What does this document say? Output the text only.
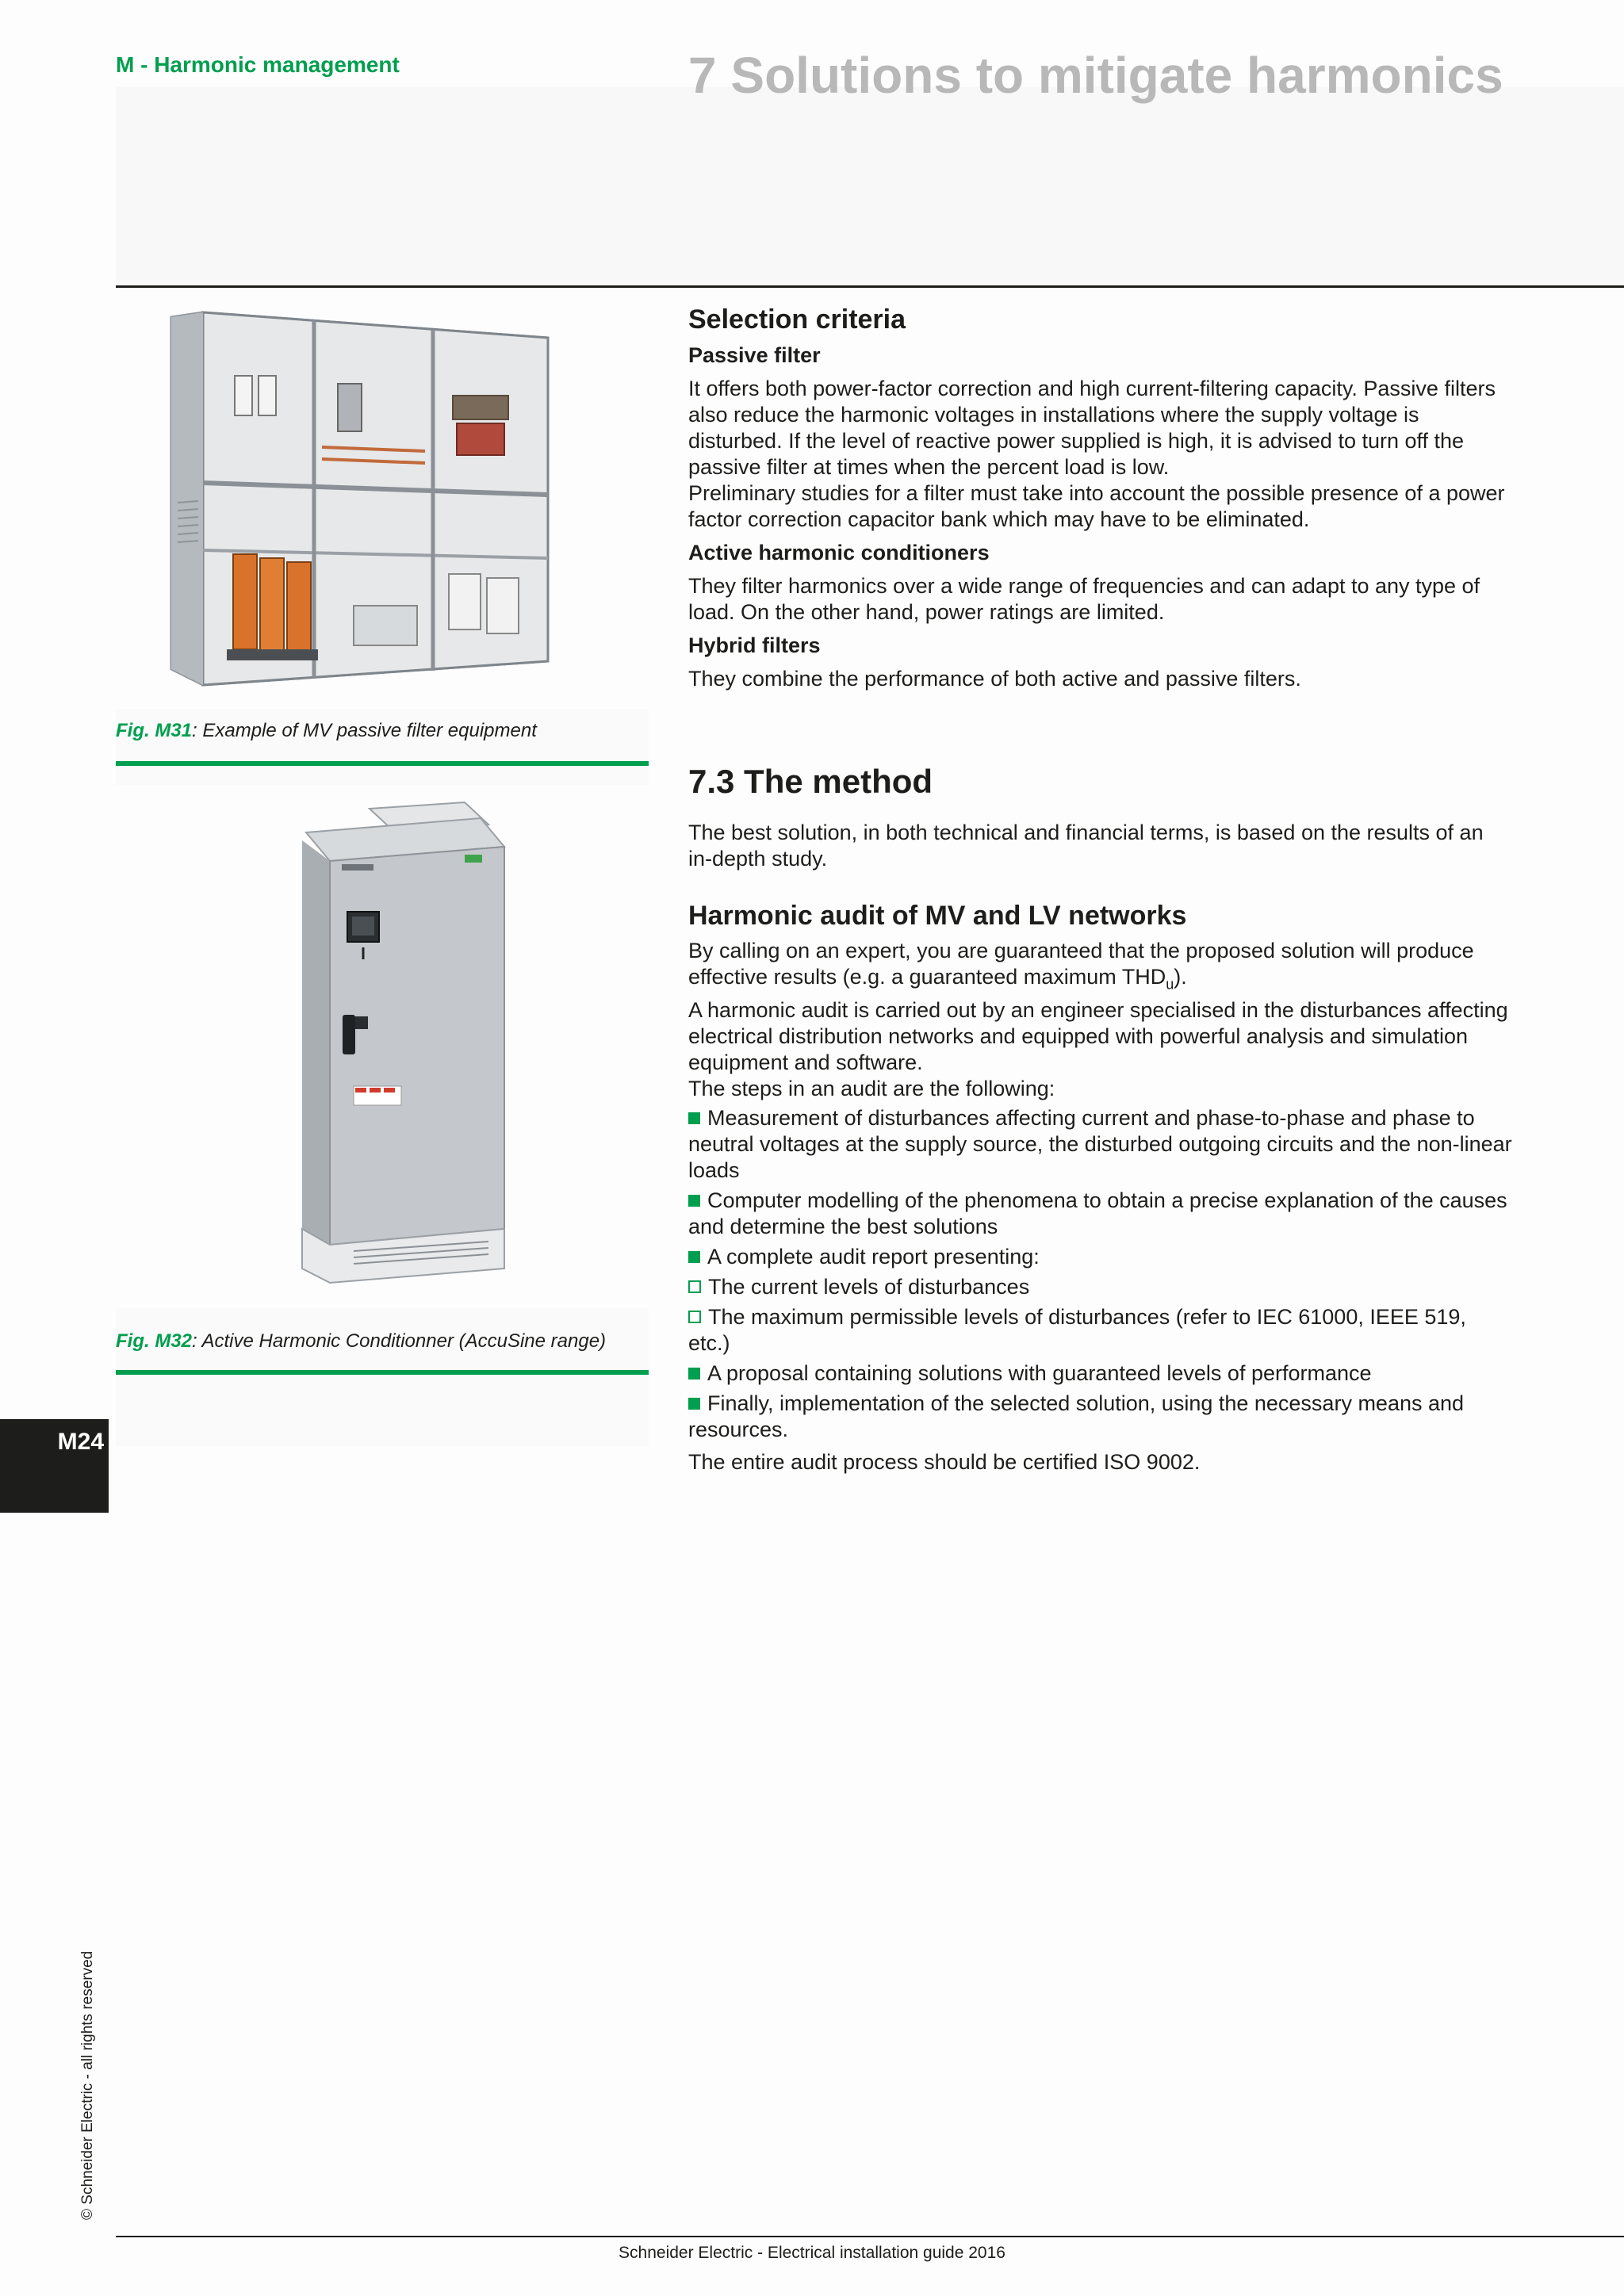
M - Harmonic management	7 Solutions to mitigate harmonics
Fig. M31: Example of MV passive filter equipment
Fig. M32: Active Harmonic Conditionner (AccuSine range)
Selection criteria
Passive filter

It offers both power-factor correction and high current-filtering capacity. Passive filters also reduce the harmonic voltages in installations where the supply voltage is disturbed. If the level of reactive power supplied is high, it is advised to turn off the passive filter at times when the percent load is low.

Preliminary studies for a filter must take into account the possible presence of a power factor correction capacitor bank which may have to be eliminated.

Active harmonic conditioners

They filter harmonics over a wide range of frequencies and can adapt to any type of load. On the other hand, power ratings are limited.

Hybrid filters

They combine the performance of both active and passive filters.

7.3 The method

The best solution, in both technical and financial terms, is based on the results of an in-depth study.

Harmonic audit of MV and LV networks

By calling on an expert, you are guaranteed that the proposed solution will produce effective results (e.g. a guaranteed maximum $THD_u$).

A harmonic audit is carried out by an engineer specialised in the disturbances affecting electrical distribution networks and equipped with powerful analysis and simulation equipment and software.

The steps in an audit are the following:

Measurement of disturbances affecting current and phase-to-phase and phase to neutral voltages at the supply source, the disturbed outgoing circuits and the non-linear loads

Computer modelling of the phenomena to obtain a precise explanation of the causes and determine the best solutions

A complete audit report presenting:

The current levels of disturbances

The maximum permissible levels of disturbances (refer to IEC 61000, IEEE 519, etc.)

A proposal containing solutions with guaranteed levels of performance

Finally, implementation of the selected solution, using the necessary means and resources.

The entire audit process should be certified ISO 9002.

M24
© Schneider Electric - all rights reserved
Schneider Electric - Electrical installation guide 2016
